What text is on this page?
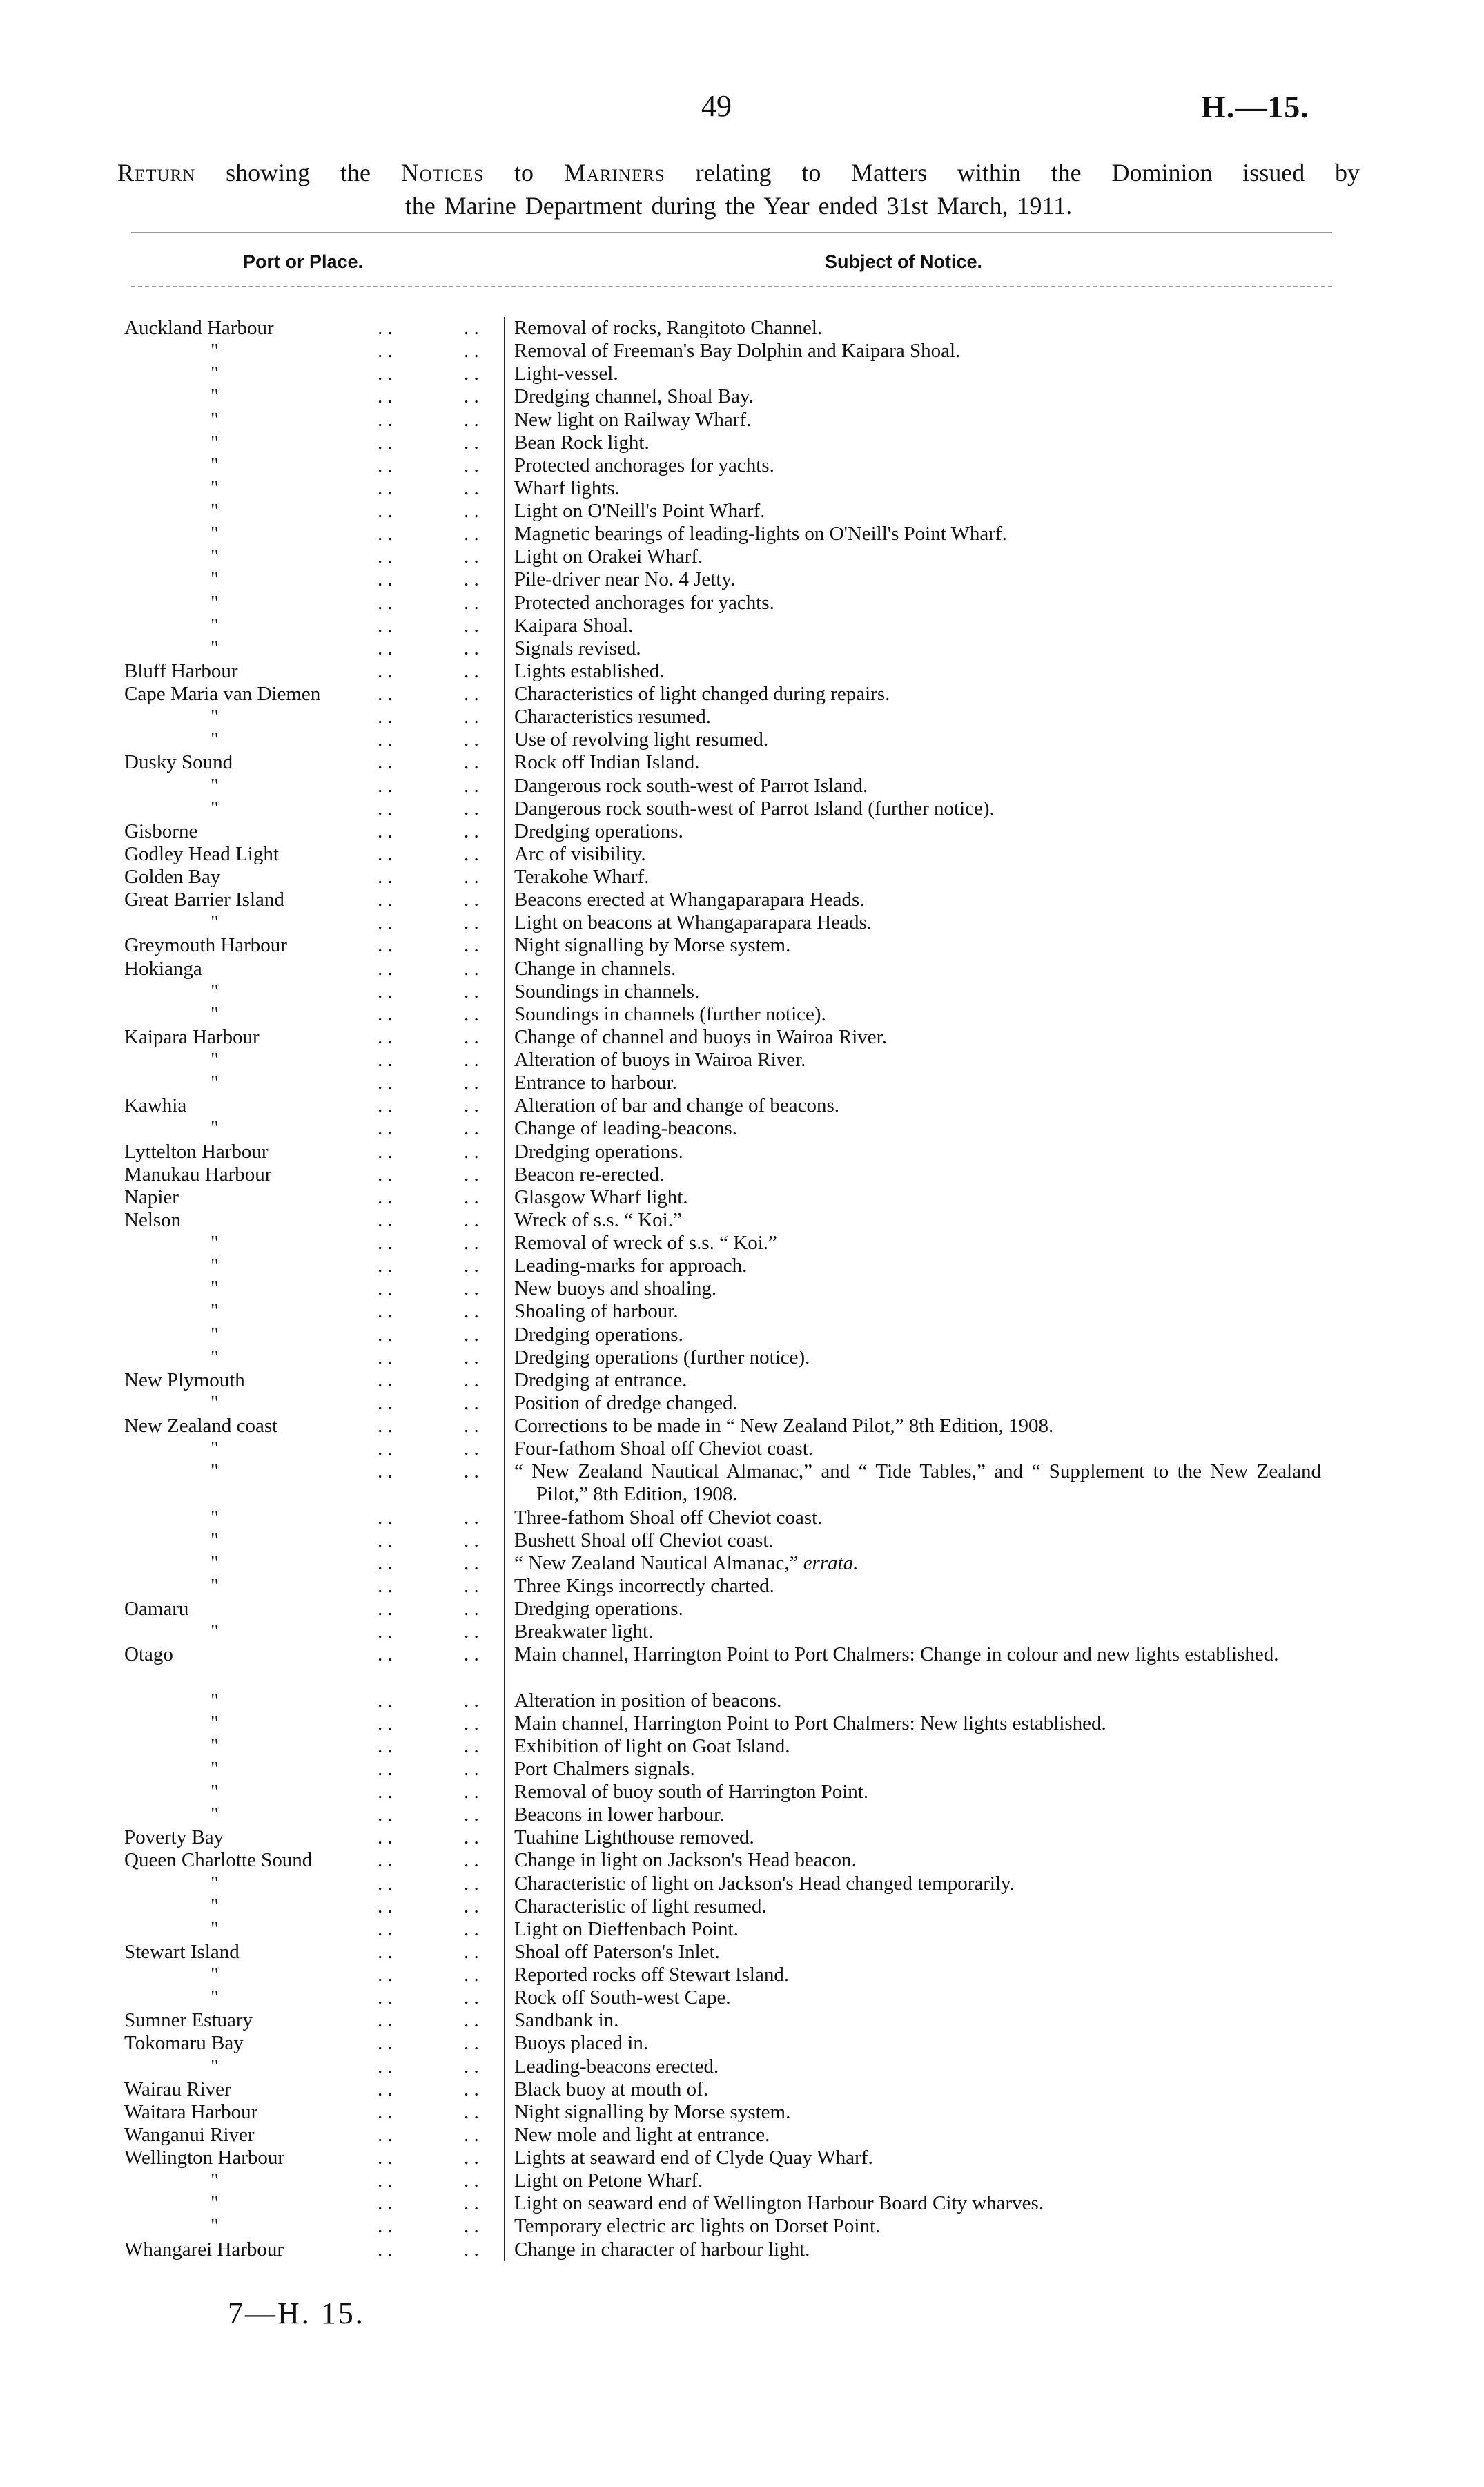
49	H.—15.
Return showing the Notices to Mariners relating to Matters within the Dominion issued by
the Marine Department during the Year ended 31st March, 1911.
Port or Place.	Subject of Notice.
Auckland Harbour	. .	. . Removal of rocks, Rangitoto Channel.
"	. .	. . Removal of Freeman's Bay Dolphin and Kaipara Shoal.
"	. .	. . Light-vessel.
"	. .	. . Dredging channel, Shoal Bay.
"	. .	. . New light on Railway Wharf.
"	. .	. . Bean Rock light.
"	. .	. . Protected anchorages for yachts.
"	. .	. . Wharf lights.
"	. .	. . Light on O'Neill's Point Wharf.
"	. .	. . Magnetic bearings of leading-lights on O'Neill's Point Wharf.
"	. .	. . Light on Orakei Wharf.
"	. .	. . Pile-driver near No. 4 Jetty.
"	. .	. . Protected anchorages for yachts.
"	. .	. . Kaipara Shoal.
"	. .	. . Signals revised.
Bluff Harbour	. .	. . Lights established.
Cape Maria van Diemen	. .	. . Characteristics of light changed during repairs.
"	. .	. . Characteristics resumed.
"	. .	. . Use of revolving light resumed.
Dusky Sound	. .	. . Rock off Indian Island.
"	. .	. . Dangerous rock south-west of Parrot Island.
"	. .	. . Dangerous rock south-west of Parrot Island (further notice).
Gisborne	. .	. . Dredging operations.
Godley Head Light	. .	. . Arc of visibility.
Golden Bay	. .	. . Terakohe Wharf.
Great Barrier Island	. .	. . Beacons erected at Whangaparapara Heads.
"	. .	. . Light on beacons at Whangaparapara Heads.
Greymouth Harbour	. .	. . Night signalling by Morse system.
Hokianga	. .	. . Change in channels.
"	. .	. . Soundings in channels.
"	. .	. . Soundings in channels (further notice).
Kaipara Harbour	. .	. . Change of channel and buoys in Wairoa River.
"	. .	. . Alteration of buoys in Wairoa River.
"	. .	. . Entrance to harbour.
Kawhia	. .	. . Alteration of bar and change of beacons.
"	. .	. . Change of leading-beacons.
Lyttelton Harbour	. .	. . Dredging operations.
Manukau Harbour	. .	. . Beacon re-erected.
Napier	. .	. . Glasgow Wharf light.
Nelson	. .	. . Wreck of s.s. “ Koi.”
"	. .	. . Removal of wreck of s.s. “ Koi.”
"	. .	. . Leading-marks for approach.
"	. .	. . New buoys and shoaling.
"	. .	. . Shoaling of harbour.
"	. .	. . Dredging operations.
"	. .	. . Dredging operations (further notice).
New Plymouth	. .	. . Dredging at entrance.
"	. .	. . Position of dredge changed.
New Zealand coast	. .	. . Corrections to be made in “ New Zealand Pilot,” 8th Edition, 1908.
"	. .	. . Four-fathom Shoal off Cheviot coast.
"	. .	. . “ New Zealand Nautical Almanac,” and “ Tide Tables,” and “ Supplement to the New Zealand Pilot,” 8th Edition, 1908.
"	. .	. . Three-fathom Shoal off Cheviot coast.
"	. .	. . Bushett Shoal off Cheviot coast.
"	. .	. . “ New Zealand Nautical Almanac,” errata.
"	. .	. . Three Kings incorrectly charted.
Oamaru	. .	. . Dredging operations.
"	. .	. . Breakwater light.
Otago	. .	. . Main channel, Harrington Point to Port Chalmers: Change in colour and new lights established.
"	. .	. . Alteration in position of beacons.
"	. .	. . Main channel, Harrington Point to Port Chalmers: New lights established.
"	. .	. . Exhibition of light on Goat Island.
"	. .	. . Port Chalmers signals.
"	. .	. . Removal of buoy south of Harrington Point.
"	. .	. . Beacons in lower harbour.
Poverty Bay	. .	. . Tuahine Lighthouse removed.
Queen Charlotte Sound	. .	. . Change in light on Jackson's Head beacon.
"	. .	. . Characteristic of light on Jackson's Head changed temporarily.
"	. .	. . Characteristic of light resumed.
"	. .	. . Light on Dieffenbach Point.
Stewart Island	. .	. . Shoal off Paterson's Inlet.
"	. .	. . Reported rocks off Stewart Island.
"	. .	. . Rock off South-west Cape.
Sumner Estuary	. .	. . Sandbank in.
Tokomaru Bay	. .	. . Buoys placed in.
"	. .	. . Leading-beacons erected.
Wairau River	. .	. . Black buoy at mouth of.
Waitara Harbour	. .	. . Night signalling by Morse system.
Wanganui River	. .	. . New mole and light at entrance.
Wellington Harbour	. .	. . Lights at seaward end of Clyde Quay Wharf.
"	. .	. . Light on Petone Wharf.
"	. .	. . Light on seaward end of Wellington Harbour Board City wharves.
"	. .	. . Temporary electric arc lights on Dorset Point.
Whangarei Harbour	. .	. . Change in character of harbour light.
7—H. 15.
